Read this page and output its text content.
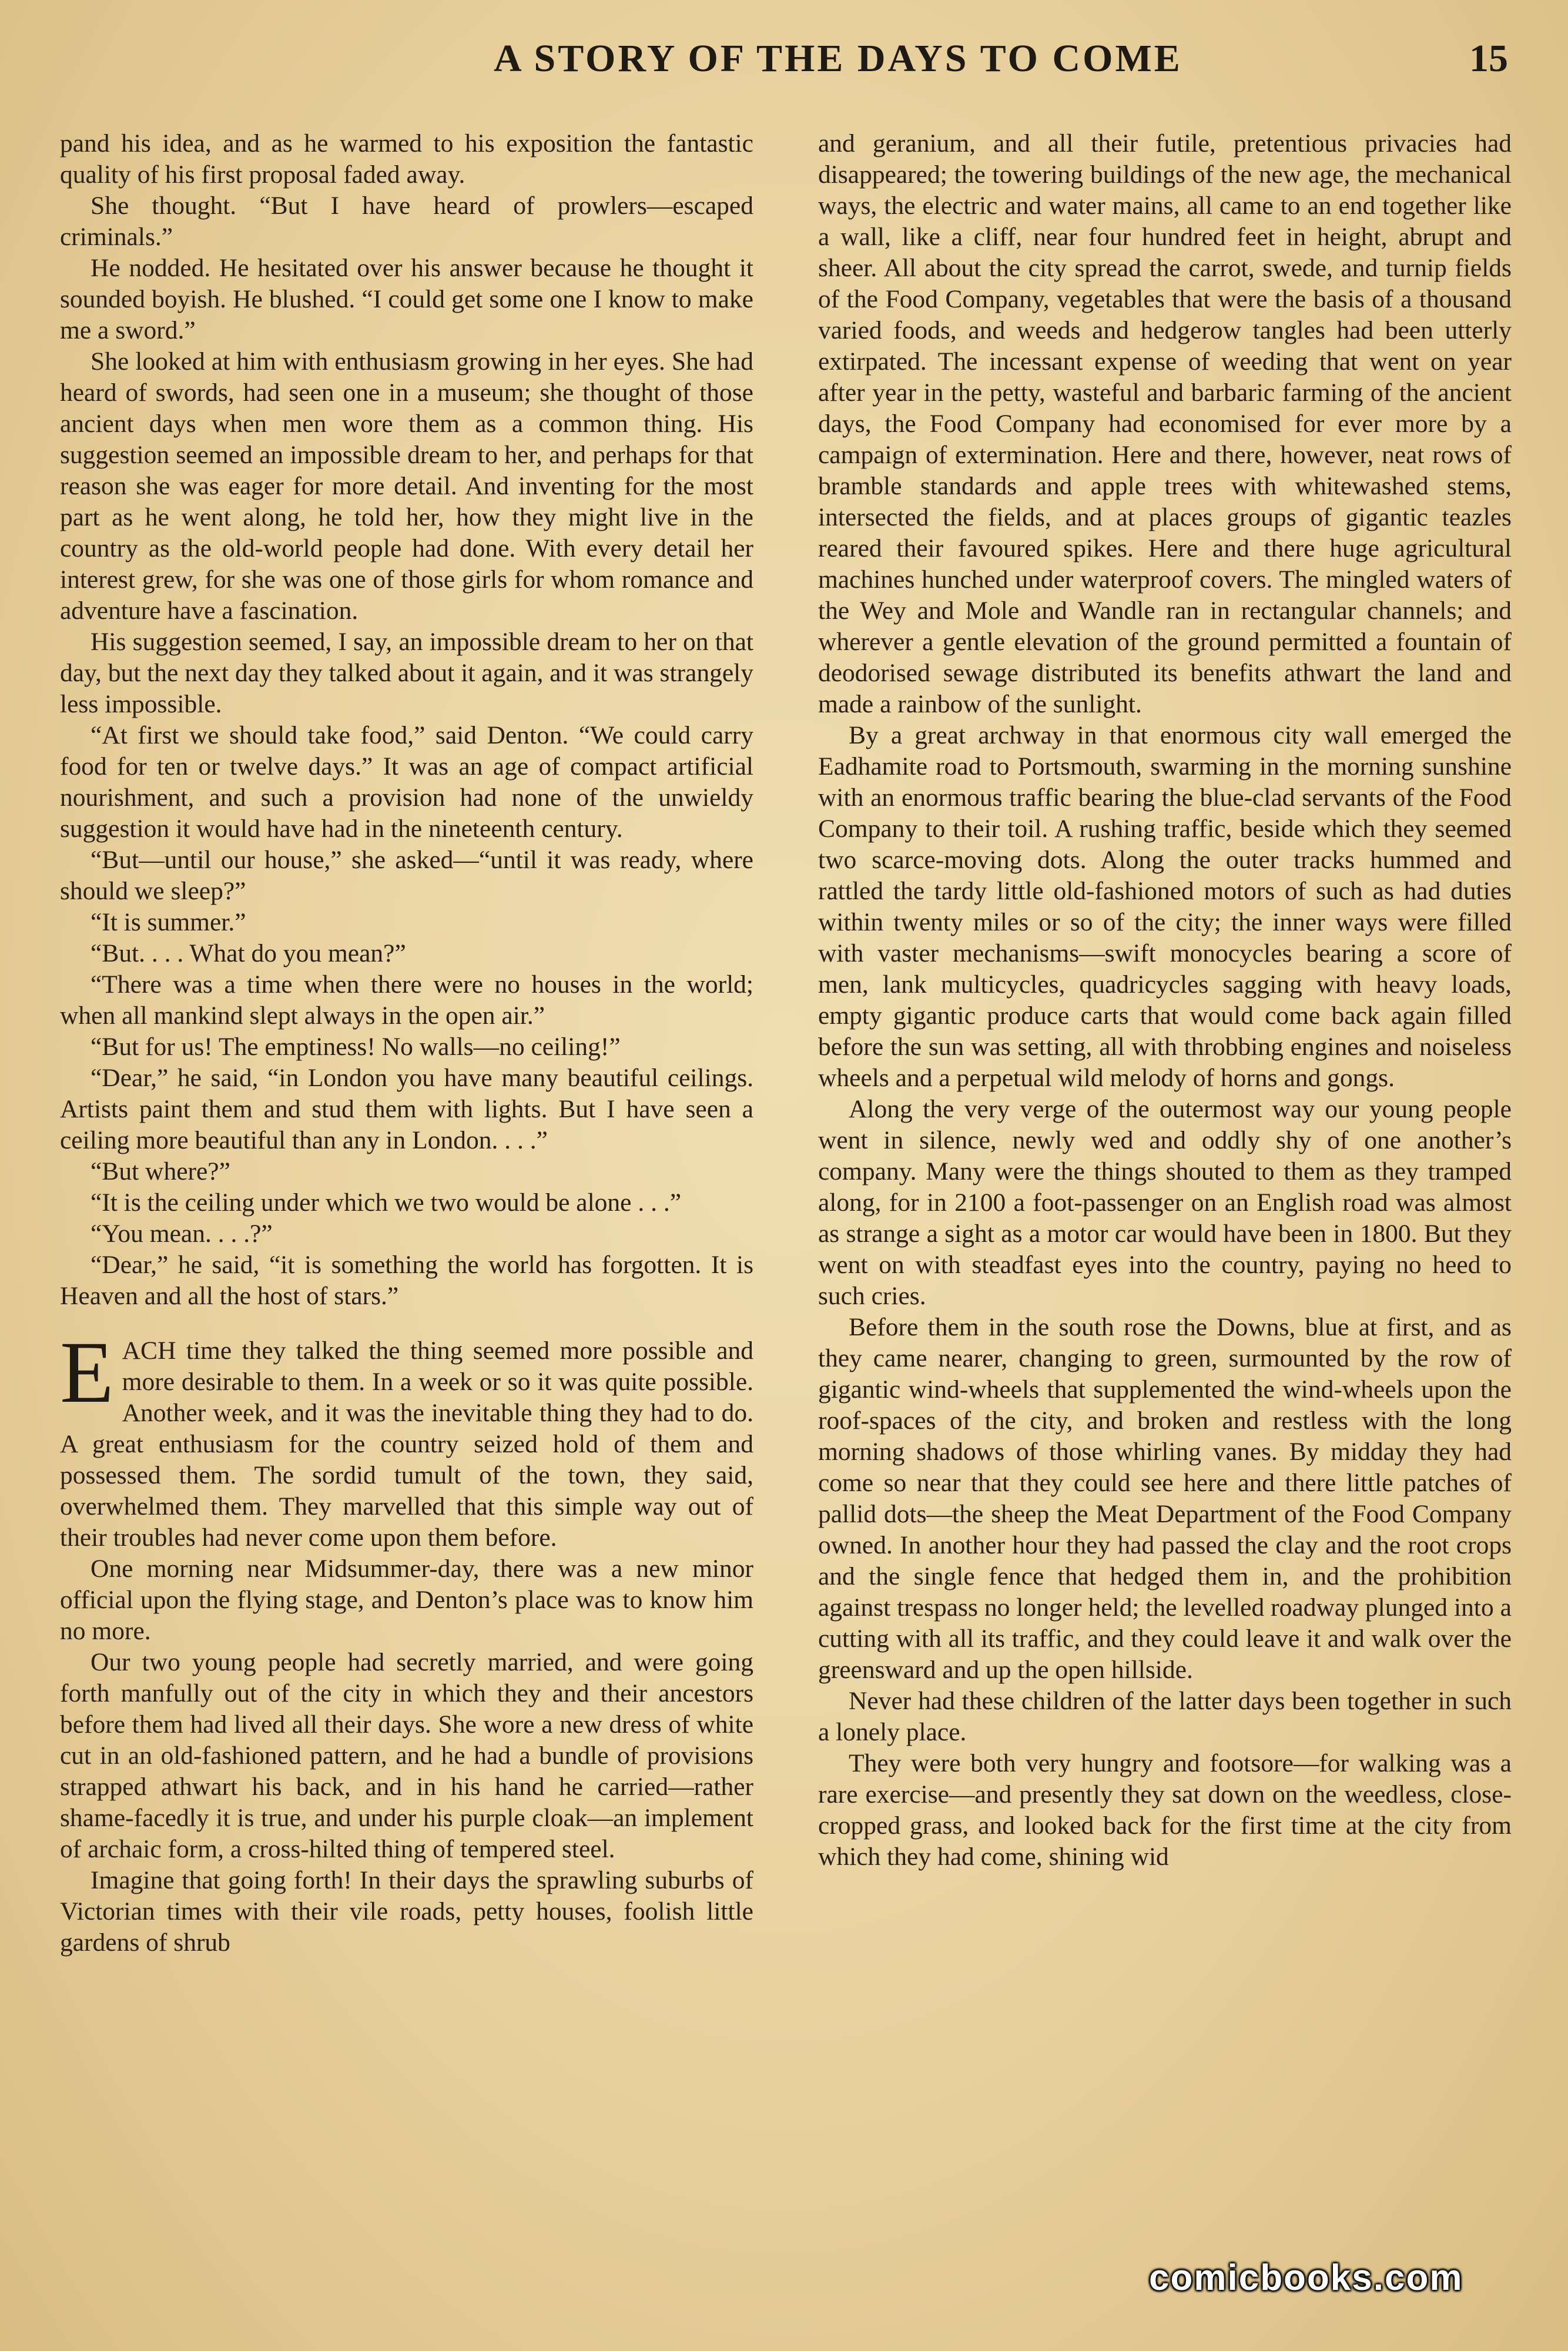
A STORY OF THE DAYS TO COME	15

pand his idea, and as he warmed to his exposition the fantastic quality of his first proposal faded away.

She thought. “But I have heard of prowlers—escaped criminals.”

He nodded. He hesitated over his answer because he thought it sounded boyish. He blushed. “I could get some one I know to make me a sword.”

She looked at him with enthusiasm growing in her eyes. She had heard of swords, had seen one in a museum; she thought of those ancient days when men wore them as a common thing. His suggestion seemed an impossible dream to her, and perhaps for that reason she was eager for more detail. And inventing for the most part as he went along, he told her, how they might live in the country as the old-world people had done. With every detail her interest grew, for she was one of those girls for whom romance and adventure have a fascination.

His suggestion seemed, I say, an impossible dream to her on that day, but the next day they talked about it again, and it was strangely less impossible.

“At first we should take food,” said Denton. “We could carry food for ten or twelve days.” It was an age of compact artificial nourishment, and such a provision had none of the unwieldy suggestion it would have had in the nineteenth century.

“But—until our house,” she asked—“until it was ready, where should we sleep?”

“It is summer.”

“But. . . . What do you mean?”

“There was a time when there were no houses in the world; when all mankind slept always in the open air.”

“But for us! The emptiness! No walls—no ceiling!”

“Dear,” he said, “in London you have many beautiful ceilings. Artists paint them and stud them with lights. But I have seen a ceiling more beautiful than any in London. . . .”

“But where?”

“It is the ceiling under which we two would be alone . . .”

“You mean. . . .?”

“Dear,” he said, “it is something the world has forgotten. It is Heaven and all the host of stars.”

EACH time they talked the thing seemed more possible and more desirable to them. In a week or so it was quite possible. Another week, and it was the inevitable thing they had to do. A great enthusiasm for the country seized hold of them and possessed them. The sordid tumult of the town, they said, overwhelmed them. They marvelled that this simple way out of their troubles had never come upon them before.

One morning near Midsummer-day, there was a new minor official upon the flying stage, and Denton’s place was to know him no more.

Our two young people had secretly married, and were going forth manfully out of the city in which they and their ancestors before them had lived all their days. She wore a new dress of white cut in an old-fashioned pattern, and he had a bundle of provisions strapped athwart his back, and in his hand he carried—rather shame-facedly it is true, and under his purple cloak—an implement of archaic form, a cross-hilted thing of tempered steel.

Imagine that going forth! In their days the sprawling suburbs of Victorian times with their vile roads, petty houses, foolish little gardens of shrub

and geranium, and all their futile, pretentious privacies had disappeared; the towering buildings of the new age, the mechanical ways, the electric and water mains, all came to an end together like a wall, like a cliff, near four hundred feet in height, abrupt and sheer. All about the city spread the carrot, swede, and turnip fields of the Food Company, vegetables that were the basis of a thousand varied foods, and weeds and hedgerow tangles had been utterly extirpated. The incessant expense of weeding that went on year after year in the petty, wasteful and barbaric farming of the ancient days, the Food Company had economised for ever more by a campaign of extermination. Here and there, however, neat rows of bramble standards and apple trees with whitewashed stems, intersected the fields, and at places groups of gigantic teazles reared their favoured spikes. Here and there huge agricultural machines hunched under waterproof covers. The mingled waters of the Wey and Mole and Wandle ran in rectangular channels; and wherever a gentle elevation of the ground permitted a fountain of deodorised sewage distributed its benefits athwart the land and made a rainbow of the sunlight.

By a great archway in that enormous city wall emerged the Eadhamite road to Portsmouth, swarming in the morning sunshine with an enormous traffic bearing the blue-clad servants of the Food Company to their toil. A rushing traffic, beside which they seemed two scarce-moving dots. Along the outer tracks hummed and rattled the tardy little old-fashioned motors of such as had duties within twenty miles or so of the city; the inner ways were filled with vaster mechanisms—swift monocycles bearing a score of men, lank multicycles, quadricycles sagging with heavy loads, empty gigantic produce carts that would come back again filled before the sun was setting, all with throbbing engines and noiseless wheels and a perpetual wild melody of horns and gongs.

Along the very verge of the outermost way our young people went in silence, newly wed and oddly shy of one another’s company. Many were the things shouted to them as they tramped along, for in 2100 a foot-passenger on an English road was almost as strange a sight as a motor car would have been in 1800. But they went on with steadfast eyes into the country, paying no heed to such cries.

Before them in the south rose the Downs, blue at first, and as they came nearer, changing to green, surmounted by the row of gigantic wind-wheels that supplemented the wind-wheels upon the roof-spaces of the city, and broken and restless with the long morning shadows of those whirling vanes. By midday they had come so near that they could see here and there little patches of pallid dots—the sheep the Meat Department of the Food Company owned. In another hour they had passed the clay and the root crops and the single fence that hedged them in, and the prohibition against trespass no longer held; the levelled roadway plunged into a cutting with all its traffic, and they could leave it and walk over the greensward and up the open hillside.

Never had these children of the latter days been together in such a lonely place.

They were both very hungry and footsore—for walking was a rare exercise—and presently they sat down on the weedless, close-cropped grass, and looked back for the first time at the city from which they had come, shining wid

comicbooks.com
